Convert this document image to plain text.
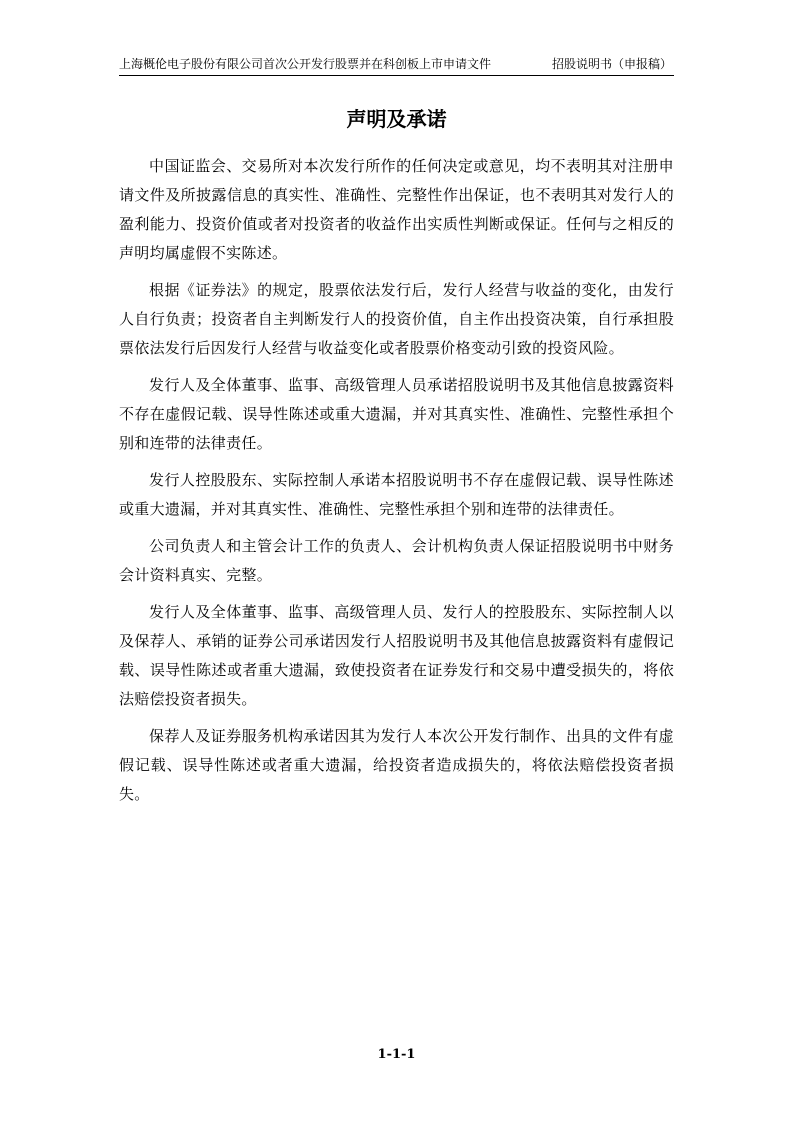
上海概伦电子股份有限公司首次公开发行股票并在科创板上市申请文件	招股说明书（申报稿）
声明及承诺

中国证监会、交易所对本次发行所作的任何决定或意见，均不表明其对注册申请文件及所披露信息的真实性、准确性、完整性作出保证，也不表明其对发行人的盈利能力、投资价值或者对投资者的收益作出实质性判断或保证。任何与之相反的声明均属虚假不实陈述。

根据《证券法》的规定，股票依法发行后，发行人经营与收益的变化，由发行人自行负责；投资者自主判断发行人的投资价值，自主作出投资决策，自行承担股票依法发行后因发行人经营与收益变化或者股票价格变动引致的投资风险。

发行人及全体董事、监事、高级管理人员承诺招股说明书及其他信息披露资料不存在虚假记载、误导性陈述或重大遗漏，并对其真实性、准确性、完整性承担个别和连带的法律责任。

发行人控股股东、实际控制人承诺本招股说明书不存在虚假记载、误导性陈述或重大遗漏，并对其真实性、准确性、完整性承担个别和连带的法律责任。

公司负责人和主管会计工作的负责人、会计机构负责人保证招股说明书中财务会计资料真实、完整。

发行人及全体董事、监事、高级管理人员、发行人的控股股东、实际控制人以及保荐人、承销的证券公司承诺因发行人招股说明书及其他信息披露资料有虚假记载、误导性陈述或者重大遗漏，致使投资者在证券发行和交易中遭受损失的，将依法赔偿投资者损失。

保荐人及证券服务机构承诺因其为发行人本次公开发行制作、出具的文件有虚假记载、误导性陈述或者重大遗漏，给投资者造成损失的，将依法赔偿投资者损失。

1-1-1
